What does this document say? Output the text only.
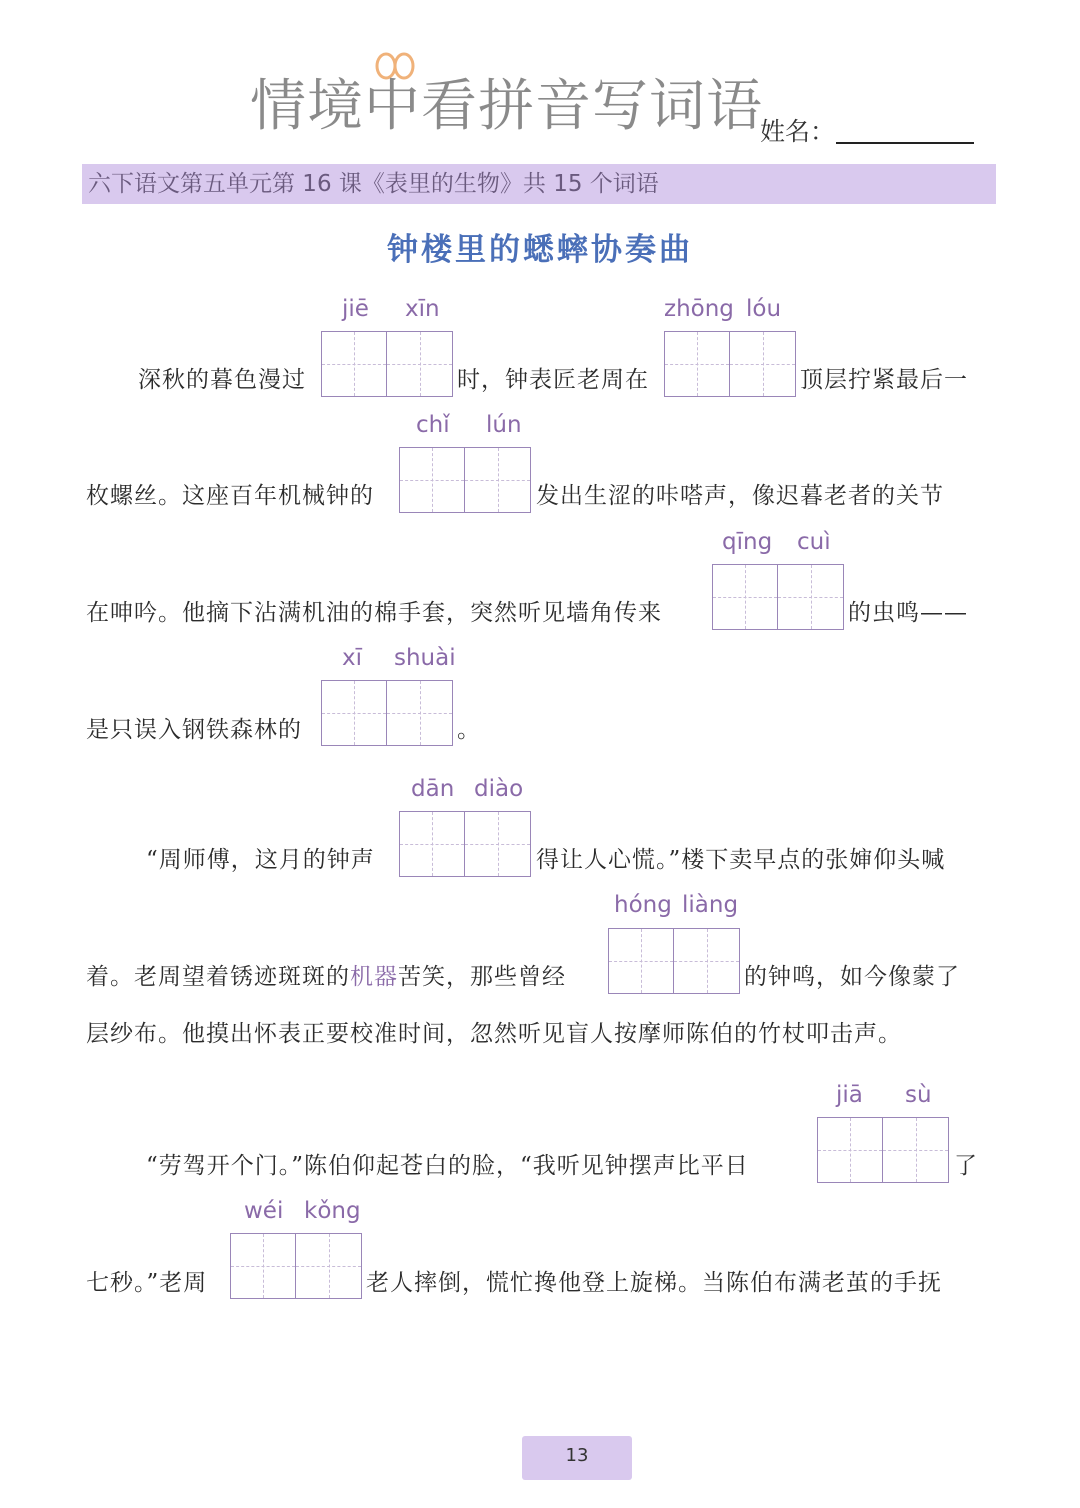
情境中看拼音写词语
姓名：
六下语文第五单元第 16 课《表里的生物》共 15 个词语
钟楼里的蟋蟀协奏曲
jiē xīn	zhōng lóu
深秋的暮色漫过	时，钟表匠老周在	顶层拧紧最后一
chǐ lún
枚螺丝。这座百年机械钟的	发出生涩的咔嗒声，像迟暮老者的关节
qīng cuì
在呻吟。他摘下沾满机油的棉手套，突然听见墙角传来	的虫鸣——
xī shuài
是只误入钢铁森林的	。
dān diào
“周师傅，这月的钟声	得让人心慌。”楼下卖早点的张婶仰头喊
hóng liàng
着。老周望着锈迹斑斑的机器苦笑，那些曾经	的钟鸣，如今像蒙了
层纱布。他摸出怀表正要校准时间，忽然听见盲人按摩师陈伯的竹杖叩击声。
jiā sù
“劳驾开个门。”陈伯仰起苍白的脸，“我听见钟摆声比平日	了
wéi kǒng
七秒。”老周	老人摔倒，慌忙搀他登上旋梯。当陈伯布满老茧的手抚
13
